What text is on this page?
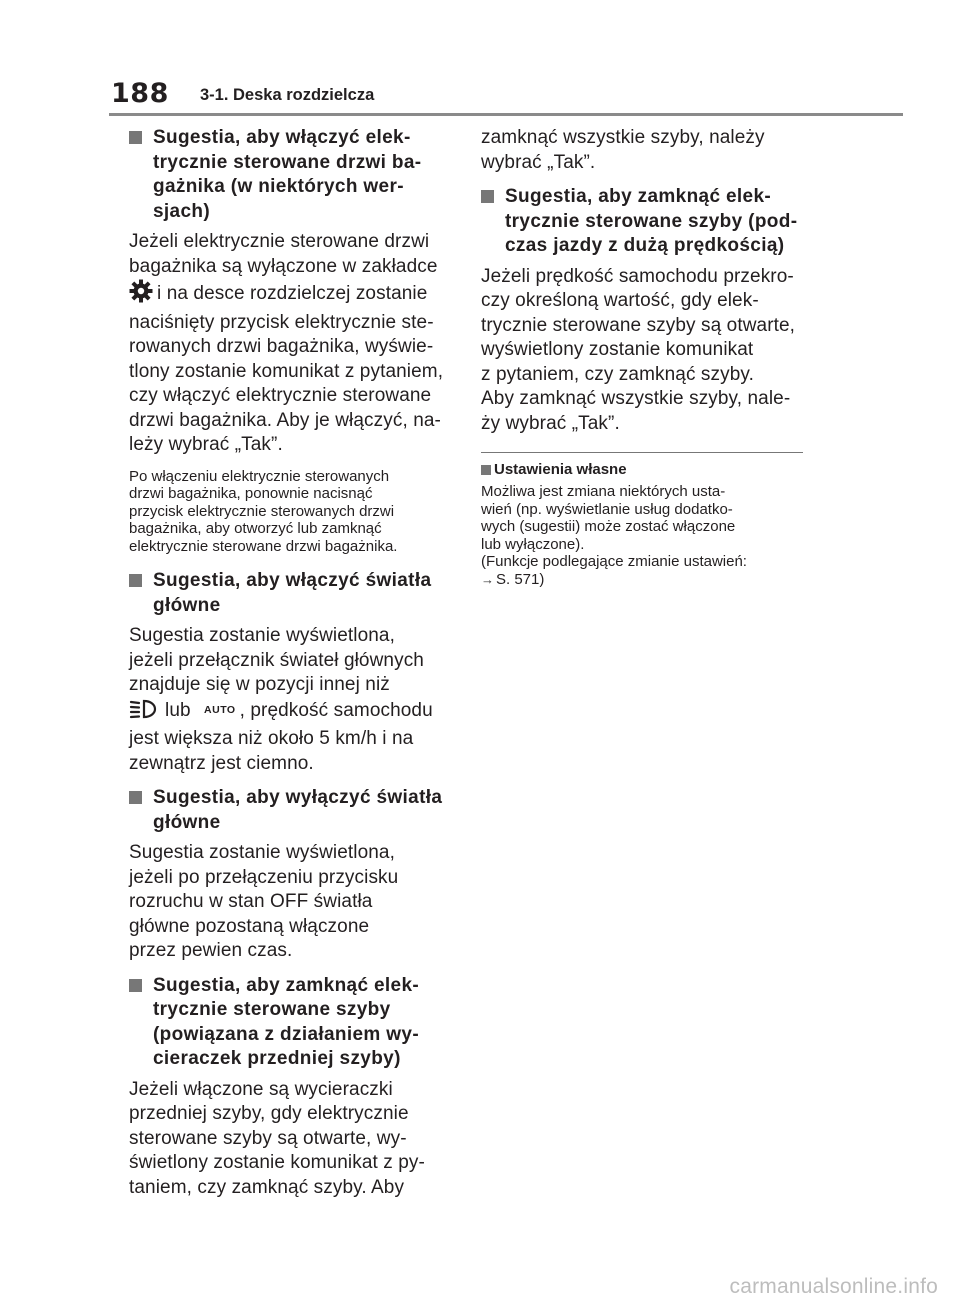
188 3-1. Deska rozdzielcza
Sugestia, aby włączyć elek-
trycznie sterowane drzwi ba-
gażnika (w niektórych wer-
sjach)
Jeżeli elektrycznie sterowane drzwi
bagażnika są wyłączone w zakładce
i na desce rozdzielczej zostanie
naciśnięty przycisk elektrycznie ste-
rowanych drzwi bagażnika, wyświe-
tlony zostanie komunikat z pytaniem,
czy włączyć elektrycznie sterowane
drzwi bagażnika. Aby je włączyć, na-
leży wybrać „Tak”.
Po włączeniu elektrycznie sterowanych
drzwi bagażnika, ponownie nacisnąć
przycisk elektrycznie sterowanych drzwi
bagażnika, aby otworzyć lub zamknąć
elektrycznie sterowane drzwi bagażnika.
Sugestia, aby włączyć światła
główne
Sugestia zostanie wyświetlona,
jeżeli przełącznik świateł głównych
znajduje się w pozycji innej niż
lub AUTO , prędkość samochodu
jest większa niż około 5 km/h i na
zewnątrz jest ciemno.
Sugestia, aby wyłączyć światła
główne
Sugestia zostanie wyświetlona,
jeżeli po przełączeniu przycisku
rozruchu w stan OFF światła
główne pozostaną włączone
przez pewien czas.
Sugestia, aby zamknąć elek-
trycznie sterowane szyby
(powiązana z działaniem wy-
cieraczek przedniej szyby)
Jeżeli włączone są wycieraczki
przedniej szyby, gdy elektrycznie
sterowane szyby są otwarte, wy-
świetlony zostanie komunikat z py-
taniem, czy zamknąć szyby. Aby
zamknąć wszystkie szyby, należy
wybrać „Tak”.
Sugestia, aby zamknąć elek-
trycznie sterowane szyby (pod-
czas jazdy z dużą prędkością)
Jeżeli prędkość samochodu przekro-
czy określoną wartość, gdy elek-
trycznie sterowane szyby są otwarte,
wyświetlony zostanie komunikat
z pytaniem, czy zamknąć szyby.
Aby zamknąć wszystkie szyby, nale-
ży wybrać „Tak”.
Ustawienia własne
Możliwa jest zmiana niektórych usta-
wień (np. wyświetlanie usług dodatko-
wych (sugestii) może zostać włączone
lub wyłączone).
(Funkcje podlegające zmianie ustawień:
→ S. 571)
carmanualsonline.info
